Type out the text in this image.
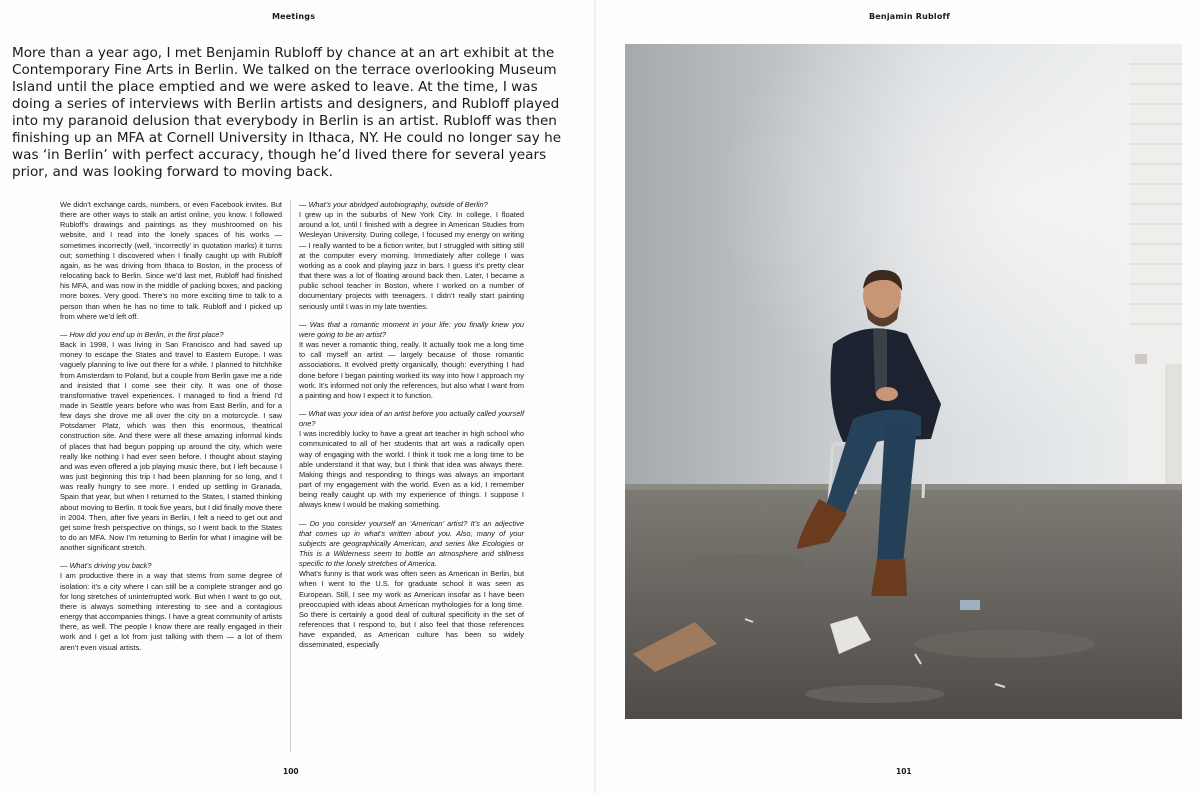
Meetings
More than a year ago, I met Benjamin Rubloff by chance at an art exhibit at the Contemporary Fine Arts in Berlin. We talked on the terrace overlooking Museum Island until the place emptied and we were asked to leave. At the time, I was doing a series of interviews with Berlin artists and designers, and Rubloff played into my paranoid delusion that everybody in Berlin is an artist. Rubloff was then finishing up an MFA at Cornell University in Ithaca, NY. He could no longer say he was ‘in Berlin’ with perfect accuracy, though he’d lived there for several years prior, and was looking forward to moving back.

We didn’t exchange cards, numbers, or even Facebook invites. But there are other ways to stalk an artist online, you know. I followed Rubloff’s drawings and paintings as they mushroomed on his website, and I read into the lonely spaces of his works — sometimes incorrectly (well, ‘incorrectly’ in quotation marks) it turns out; something I discovered when I finally caught up with Rubloff again, as he was driving from Ithaca to Boston, in the process of relocating back to Berlin. Since we’d last met, Rubloff had finished his MFA, and was now in the middle of packing boxes, and packing more boxes. Very good. There’s no more exciting time to talk to a person than when he has no time to talk. Rubloff and I picked up from where we’d left off.

— How did you end up in Berlin, in the first place?
Back in 1998, I was living in San Francisco and had saved up money to escape the States and travel to Eastern Europe. I was vaguely planning to live out there for a while. I planned to hitchhike from Amsterdam to Poland, but a couple from Berlin gave me a ride and insisted that I come see their city. It was one of those transformative travel experiences. I managed to find a friend I’d made in Seattle years before who was from East Berlin, and for a few days she drove me all over the city on a motorcycle. I saw Potsdamer Platz, which was then this enormous, theatrical construction site. And there were all these amazing informal kinds of places that had begun popping up around the city, which were really like nothing I had ever seen before. I thought about staying and was even offered a job playing music there, but I left because I was just beginning this trip I had been planning for so long, and I was really hungry to see more. I ended up settling in Granada, Spain that year, but when I returned to the States, I started thinking about moving to Berlin. It took five years, but I did finally move there in 2004. Then, after five years in Berlin, I felt a need to get out and get some fresh perspective on things, so I went back to the States to do an MFA. Now I’m returning to Berlin for what I imagine will be another significant stretch.

— What’s driving you back?
I am productive there in a way that stems from some degree of isolation: it’s a city where I can still be a complete stranger and go for long stretches of uninterrupted work. But when I want to go out, there is always something interesting to see and a contagious energy that accompanies things. I have a great community of artists there, as well. The people I know there are really engaged in their work and I get a lot from just talking with them — a lot of them aren’t even visual artists.

— What’s your abridged autobiography, outside of Berlin?
I grew up in the suburbs of New York City. In college, I floated around a lot, until I finished with a degree in American Studies from Wesleyan University. During college, I focused my energy on writing — I really wanted to be a fiction writer, but I struggled with sitting still at the computer every morning. Immediately after college I was working as a cook and playing jazz in bars. I guess it’s pretty clear that there was a lot of floating around back then. Later, I became a public school teacher in Boston, where I worked on a number of documentary projects with teenagers. I didn’t really start painting seriously until I was in my late twenties.

— Was that a romantic moment in your life: you finally knew you were going to be an artist?
It was never a romantic thing, really. It actually took me a long time to call myself an artist — largely because of those romantic associations. It evolved pretty organically, though: everything I had done before I began painting worked its way into how I approach my work. It’s informed not only the references, but also what I want from a painting and how I expect it to function.

— What was your idea of an artist before you actually called yourself one?
I was incredibly lucky to have a great art teacher in high school who communicated to all of her students that art was a radically open way of engaging with the world. I think it took me a long time to be able understand it that way, but I think that idea was always there. Making things and responding to things was always an important part of my engagement with the world. Even as a kid, I remember being really caught up with my experience of things. I suppose I always knew I would be making something.

— Do you consider yourself an ‘American’ artist? It’s an adjective that comes up in what’s written about you. Also, many of your subjects are geographically American, and series like Ecologies or This is a Wilderness seem to bottle an atmosphere and stillness specific to the lonely stretches of America.
What’s funny is that work was often seen as American in Berlin, but when I went to the U.S. for graduate school it was seen as European. Still, I see my work as American insofar as I have been preoccupied with ideas about American mythologies for a long time. So there is certainly a good deal of cultural specificity in the set of references that I respond to, but I also feel that those references have expanded, as American culture has been so widely disseminated, especially

100
Benjamin Rubloff
101
